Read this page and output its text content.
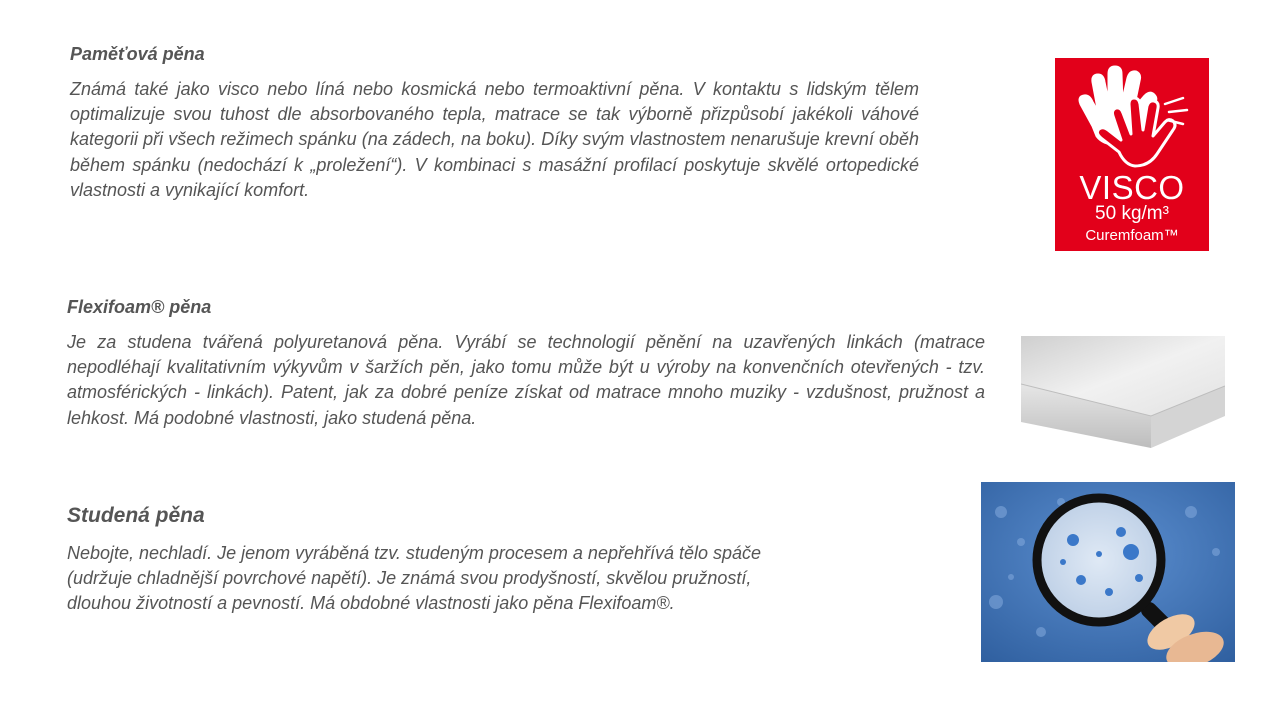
Paměťová pěna

Známá také jako visco nebo líná nebo kosmická nebo termoaktivní pěna. V kontaktu s lidským tělem optimalizuje svou tuhost dle absorbovaného tepla, matrace se tak výborně přizpůsobí jakékoli váhové kategorii při všech režimech spánku (na zádech, na boku). Díky svým vlastnostem nenarušuje krevní oběh během spánku (nedochází k „proležení“). V kombinaci s masážní profilací poskytuje skvělé ortopedické vlastnosti a vynikající komfort.

Flexifoam® pěna

Je za studena tvářená polyuretanová pěna. Vyrábí se technologií pěnění na uzavřených linkách (matrace nepodléhají kvalitativním výkyvům v šaržích pěn, jako tomu může být u výroby na konvenčních otevřených - tzv. atmosférických - linkách). Patent, jak za dobré peníze získat od matrace mnoho muziky - vzdušnost, pružnost a lehkost. Má podobné vlastnosti, jako studená pěna.

Studená pěna

Nebojte, nechladí. Je jenom vyráběná tzv. studeným procesem a nepřehřívá tělo spáče (udržuje chladnější povrchové napětí). Je známá svou prodyšností, skvělou pružností, dlouhou životností a pevností. Má obdobné vlastnosti jako pěna Flexifoam®.

VISCO
50 kg/m³
Curemfoam™
